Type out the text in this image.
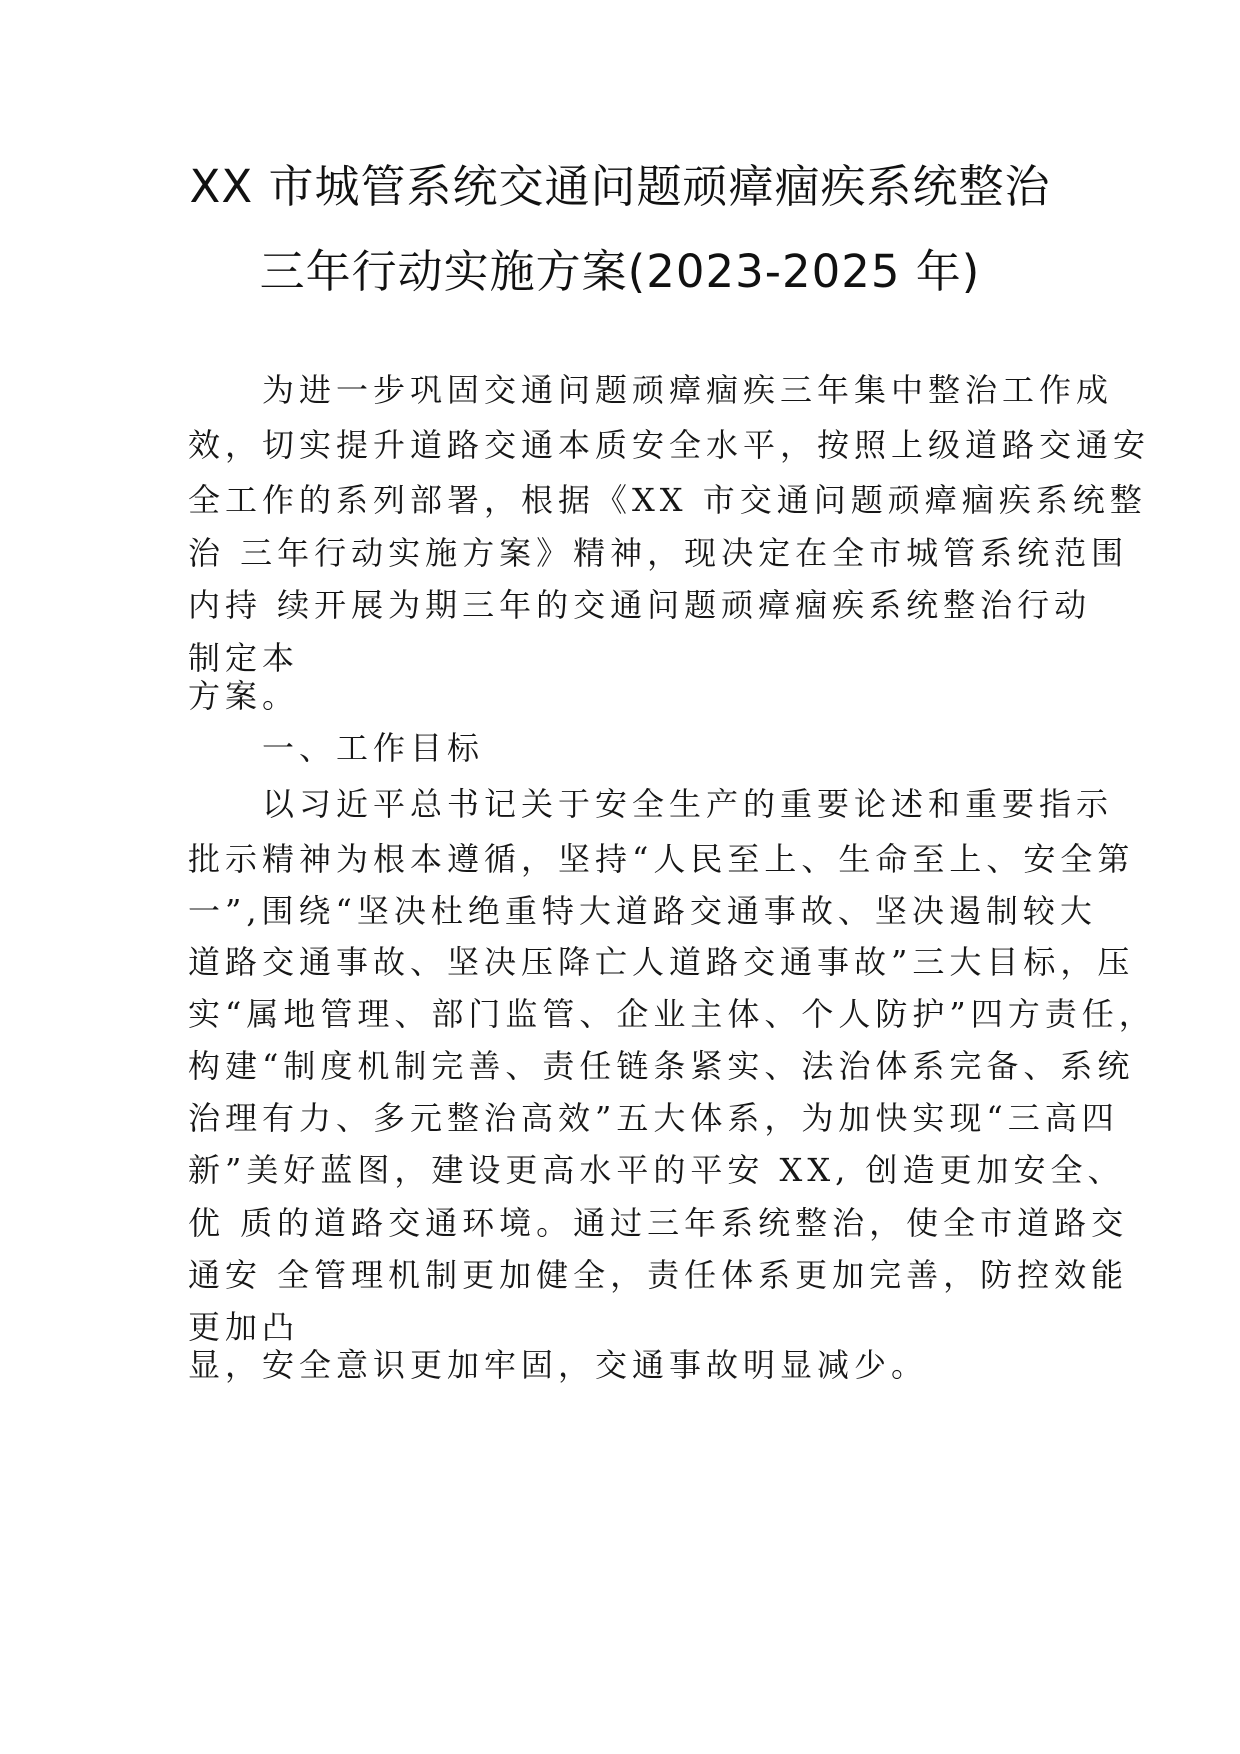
XX 市城管系统交通问题顽瘴痼疾系统整治
三年行动实施方案(2023-2025 年)
为进一步巩固交通问题顽瘴痼疾三年集中整治工作成
效，切实提升道路交通本质安全水平，按照上级道路交通安
全工作的系列部署，根据《XX 市交通问题顽瘴痼疾系统整
治 三年行动实施方案》精神，现决定在全市城管系统范围
内持 续开展为期三年的交通问题顽瘴痼疾系统整治行动
制定本
方案。
一、工作目标
以习近平总书记关于安全生产的重要论述和重要指示
批示精神为根本遵循，坚持“人民至上、生命至上、安全第
一”,围绕“坚决杜绝重特大道路交通事故、坚决遏制较大
道路交通事故、坚决压降亡人道路交通事故”三大目标，压
实“属地管理、部门监管、企业主体、个人防护”四方责任，
构建“制度机制完善、责任链条紧实、法治体系完备、系统
治理有力、多元整治高效”五大体系，为加快实现“三高四
新”美好蓝图，建设更高水平的平安 XX, 创造更加安全、
优 质的道路交通环境。通过三年系统整治，使全市道路交
通安 全管理机制更加健全，责任体系更加完善，防控效能
更加凸
显，安全意识更加牢固，交通事故明显减少。
